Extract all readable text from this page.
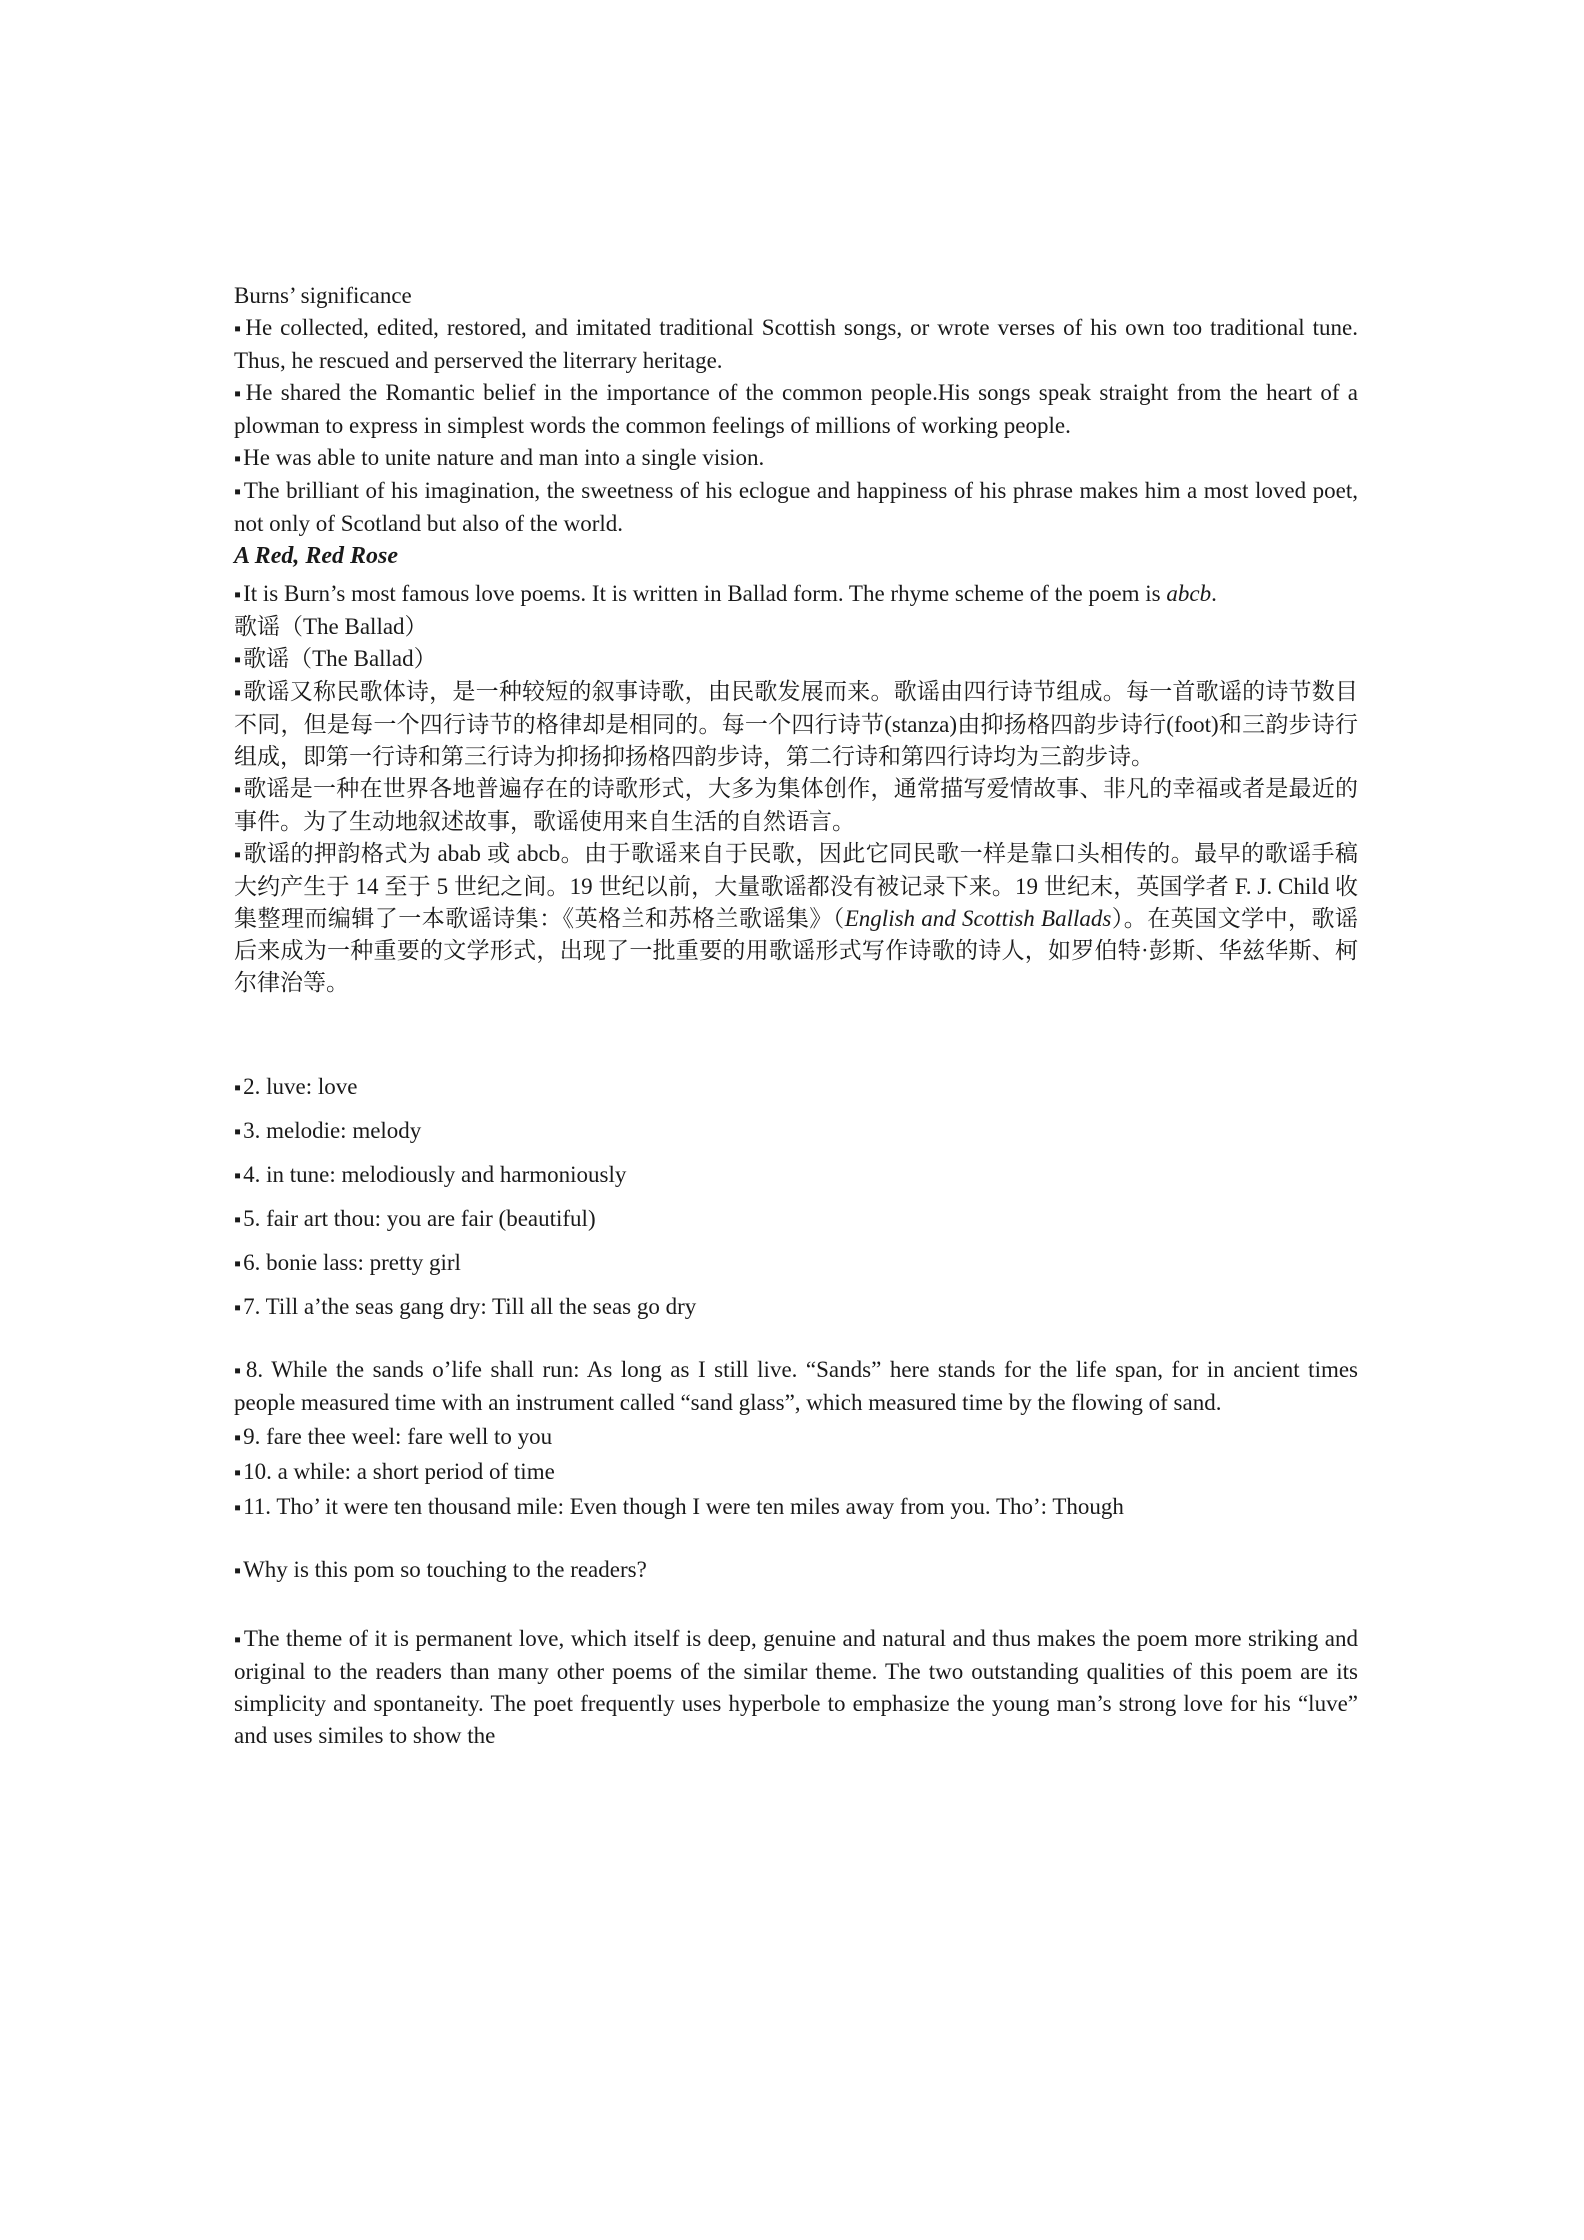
Burns’ significance

▪ He collected, edited, restored, and imitated traditional Scottish songs, or wrote verses of his own too traditional tune. Thus, he rescued and perserved the literrary heritage.

▪ He shared the Romantic belief in the importance of the common people.His songs speak straight from the heart of a plowman to express in simplest words the common feelings of millions of working people.

▪ He was able to unite nature and man into a single vision.

▪ The brilliant of his imagination, the sweetness of his eclogue and happiness of his phrase makes him a most loved poet, not only of Scotland but also of the world.

A Red, Red Rose

▪ It is Burn’s most famous love poems. It is written in Ballad form. The rhyme scheme of the poem is abcb.

歌谣（The Ballad）

▪ 歌谣（The Ballad）

▪ 歌谣又称民歌体诗，是一种较短的叙事诗歌，由民歌发展而来。歌谣由四行诗节组成。每一首歌谣的诗节数目不同，但是每一个四行诗节的格律却是相同的。每一个四行诗节(stanza)由抑扬格四韵步诗行(foot)和三韵步诗行组成，即第一行诗和第三行诗为抑扬抑扬格四韵步诗，第二行诗和第四行诗均为三韵步诗。

▪ 歌谣是一种在世界各地普遍存在的诗歌形式，大多为集体创作，通常描写爱情故事、非凡的幸福或者是最近的事件。为了生动地叙述故事，歌谣使用来自生活的自然语言。

▪ 歌谣的押韵格式为 abab 或 abcb。由于歌谣来自于民歌，因此它同民歌一样是靠口头相传的。最早的歌谣手稿大约产生于 14 至于 5 世纪之间。19 世纪以前，大量歌谣都没有被记录下来。19 世纪末，英国学者 F. J. Child 收集整理而编辑了一本歌谣诗集：《英格兰和苏格兰歌谣集》（English and Scottish Ballads）。在英国文学中，歌谣后来成为一种重要的文学形式，出现了一批重要的用歌谣形式写作诗歌的诗人，如罗伯特·彭斯、华兹华斯、柯尔律治等。

▪ 2. luve: love

▪ 3. melodie: melody

▪ 4. in tune: melodiously and harmoniously

▪ 5. fair art thou: you are fair (beautiful)

▪ 6. bonie lass: pretty girl

▪ 7. Till a’the seas gang dry: Till all the seas go dry

▪ 8. While the sands o’life shall run: As long as I still live. “Sands” here stands for the life span, for in ancient times people measured time with an instrument called “sand glass”, which measured time by the flowing of sand.

▪ 9. fare thee weel: fare well to you

▪ 10. a while: a short period of time

▪ 11. Tho’ it were ten thousand mile: Even though I were ten miles away from you. Tho’: Though

▪ Why is this pom so touching to the readers?

▪ The theme of it is permanent love, which itself is deep, genuine and natural and thus makes the poem more striking and original to the readers than many other poems of the similar theme. The two outstanding qualities of this poem are its simplicity and spontaneity. The poet frequently uses hyperbole to emphasize the young man’s strong love for his “luve” and uses similes to show the
